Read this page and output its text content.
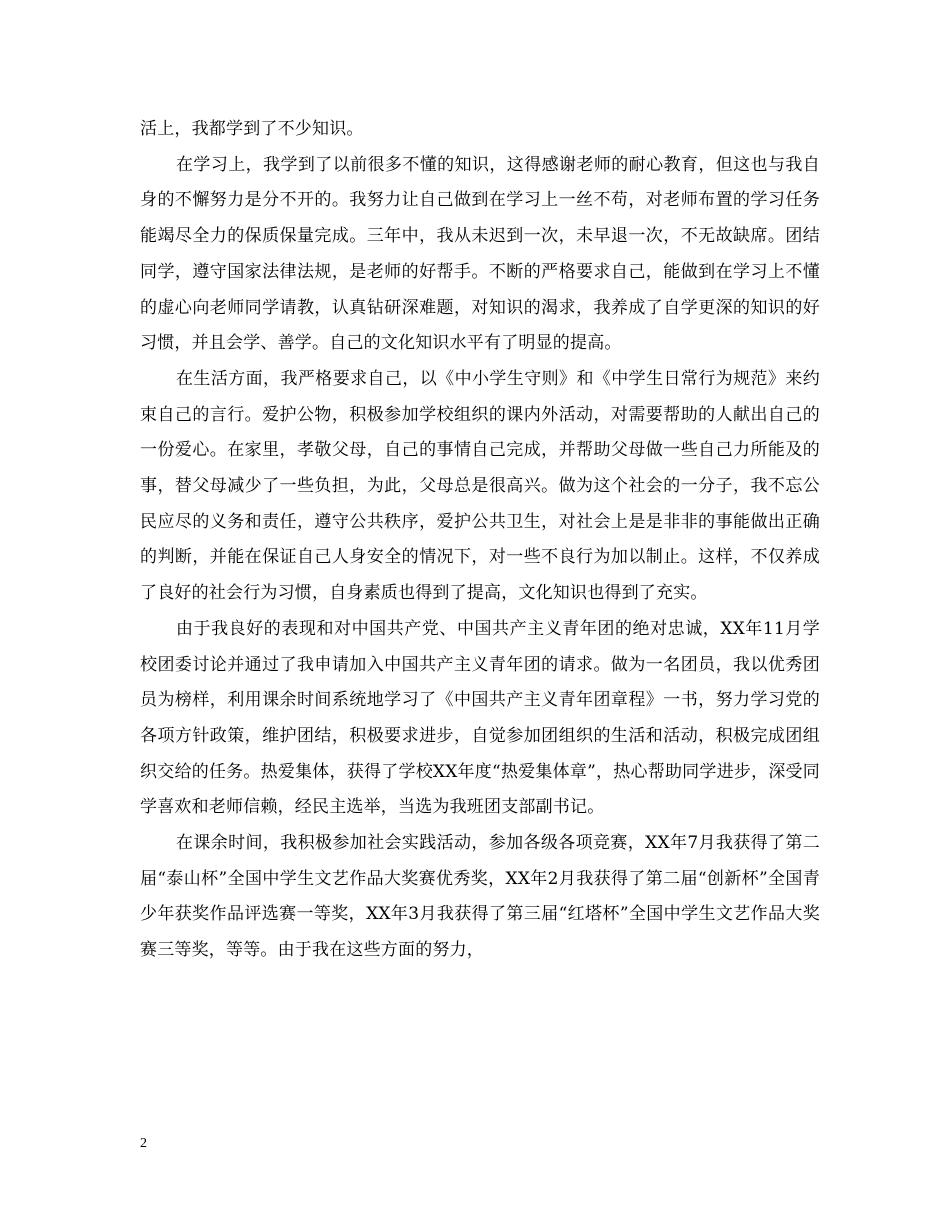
活上，我都学到了不少知识。

在学习上，我学到了以前很多不懂的知识，这得感谢老师的耐心教育，但这也与我自身的不懈努力是分不开的。我努力让自己做到在学习上一丝不苟，对老师布置的学习任务能竭尽全力的保质保量完成。三年中，我从未迟到一次，未早退一次，不无故缺席。团结同学，遵守国家法律法规，是老师的好帮手。不断的严格要求自己，能做到在学习上不懂的虚心向老师同学请教，认真钻研深难题，对知识的渴求，我养成了自学更深的知识的好习惯，并且会学、善学。自己的文化知识水平有了明显的提高。

在生活方面，我严格要求自己，以《中小学生守则》和《中学生日常行为规范》来约束自己的言行。爱护公物，积极参加学校组织的课内外活动，对需要帮助的人献出自己的一份爱心。在家里，孝敬父母，自己的事情自己完成，并帮助父母做一些自己力所能及的事，替父母减少了一些负担，为此，父母总是很高兴。做为这个社会的一分子，我不忘公民应尽的义务和责任，遵守公共秩序，爱护公共卫生，对社会上是是非非的事能做出正确的判断，并能在保证自己人身安全的情况下，对一些不良行为加以制止。这样，不仅养成了良好的社会行为习惯，自身素质也得到了提高，文化知识也得到了充实。

由于我良好的表现和对中国共产党、中国共产主义青年团的绝对忠诚，XX年11月学校团委讨论并通过了我申请加入中国共产主义青年团的请求。做为一名团员，我以优秀团员为榜样，利用课余时间系统地学习了《中国共产主义青年团章程》一书，努力学习党的各项方针政策，维护团结，积极要求进步，自觉参加团组织的生活和活动，积极完成团组织交给的任务。热爱集体，获得了学校XX年度“热爱集体章”，热心帮助同学进步，深受同学喜欢和老师信赖，经民主选举，当选为我班团支部副书记。

在课余时间，我积极参加社会实践活动，参加各级各项竞赛，XX年7月我获得了第二届“泰山杯”全国中学生文艺作品大奖赛优秀奖，XX年2月我获得了第二届“创新杯”全国青少年获奖作品评选赛一等奖，XX年3月我获得了第三届“红塔杯”全国中学生文艺作品大奖赛三等奖，等等。由于我在这些方面的努力，

2
